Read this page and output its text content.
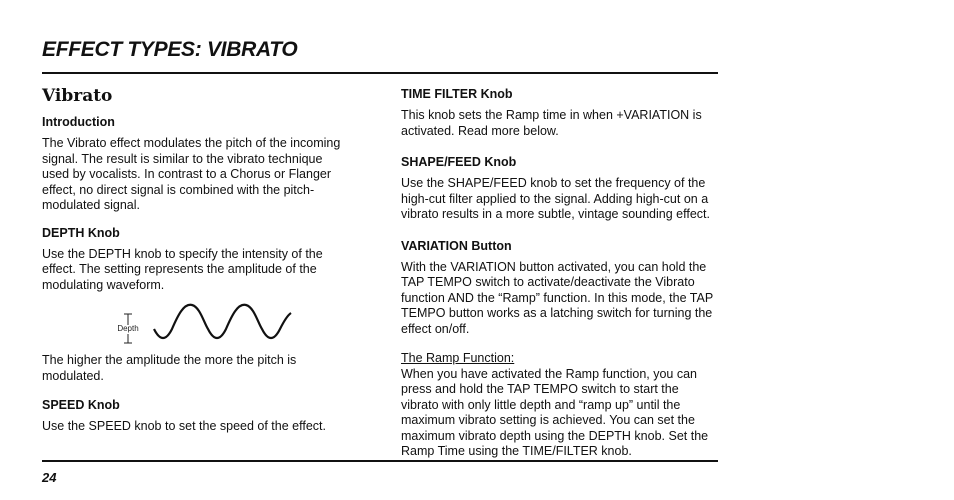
EFFECT TYPES: VIBRATO
Vibrato
Introduction

The Vibrato effect modulates the pitch of the incoming signal. The result is similar to the vibrato technique used by vocalists. In contrast to a Chorus or Flanger effect, no direct signal is combined with the pitch-modulated signal.

DEPTH Knob

Use the DEPTH knob to specify the intensity of the effect. The setting represents the amplitude of the modulating waveform.

Depth

The higher the amplitude the more the pitch is modulated.

SPEED Knob

Use the SPEED knob to set the speed of the effect.

TIME FILTER Knob

This knob sets the Ramp time in when +VARIATION is activated. Read more below.

SHAPE/FEED Knob

Use the SHAPE/FEED knob to set the frequency of the high-cut filter applied to the signal. Adding high-cut on a vibrato results in a more subtle, vintage sounding effect.

VARIATION Button

With the VARIATION button activated, you can hold the TAP TEMPO switch to activate/deactivate the Vibrato function AND the “Ramp” function. In this mode, the TAP TEMPO button works as a latching switch for turning the effect on/off.

The Ramp Function:

When you have activated the Ramp function, you can press and hold the TAP TEMPO switch to start the vibrato with only little depth and “ramp up” until the maximum vibrato setting is achieved. You can set the maximum vibrato depth using the DEPTH knob. Set the Ramp Time using the TIME/FILTER knob.

24
